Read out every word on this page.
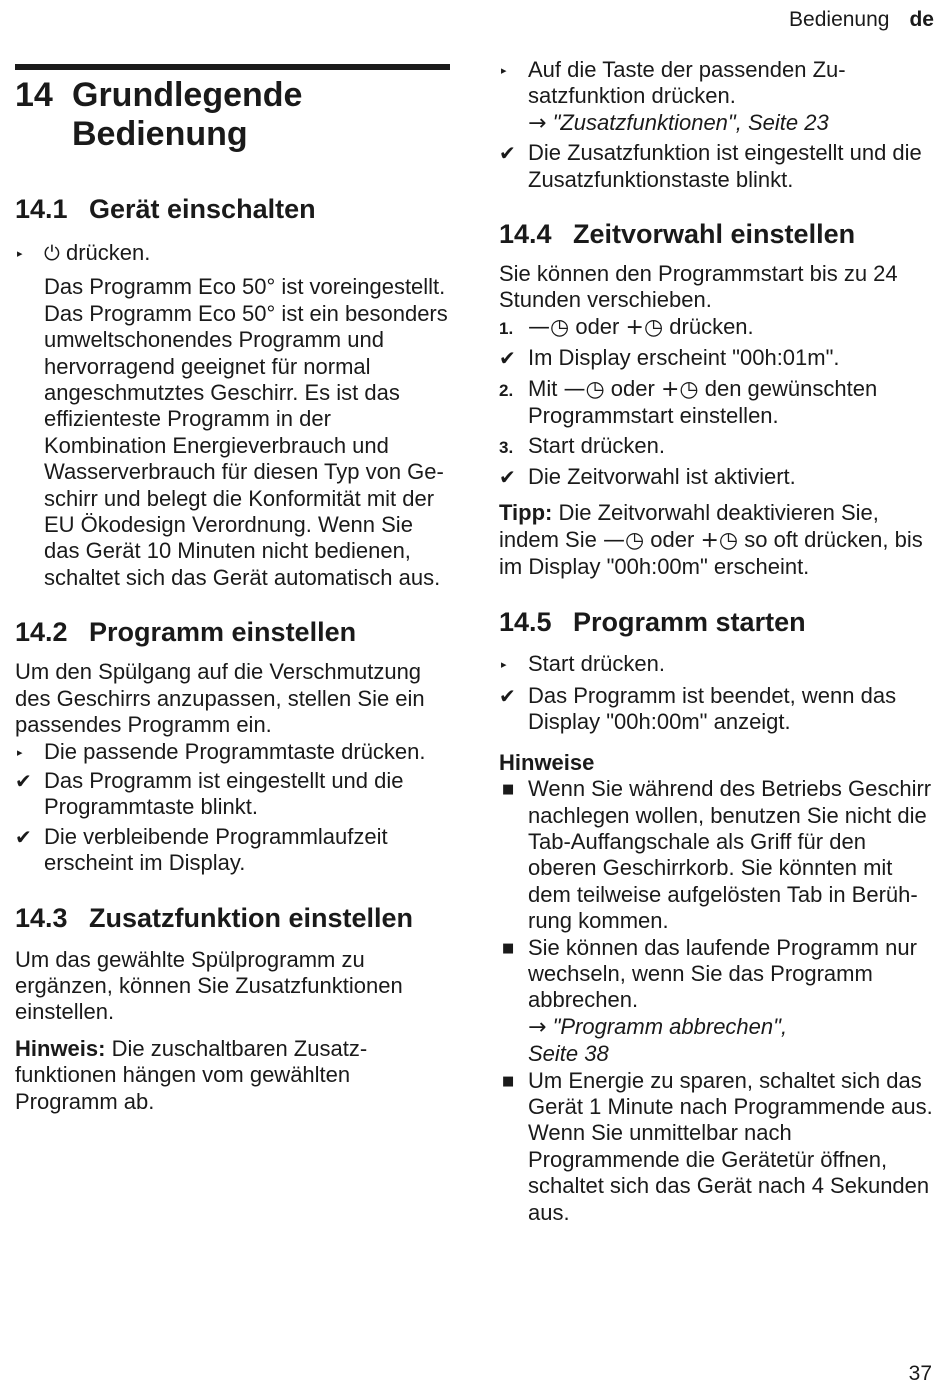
Bedienung de
14 Grundlegende
Bedienung
14.1 Gerät einschalten
▸	⏻ drücken.

Das Programm Eco 50° ist voreingestellt.

Das Programm Eco 50° ist ein besonders umweltschonendes Programm und hervorragend geeignet für normal angeschmutztes Geschirr. Es ist das effizienteste Programm in der Kombination Energieverbrauch und Wasserverbrauch für diesen Typ von Geschirr und belegt die Konformität mit der EU Ökodesign Verordnung. Wenn Sie das Gerät 10 Minuten nicht bedienen, schaltet sich das Gerät automatisch aus.

14.2 Programm einstellen

Um den Spülgang auf die Verschmutzung des Geschirrs anzupassen, stellen Sie ein passendes Programm ein.

▸ Die passende Programmtaste drücken.
✔ Das Programm ist eingestellt und die Programmtaste blinkt.
✔ Die verbleibende Programmlaufzeit erscheint im Display.
14.3 Zusatzfunktion einstellen

Um das gewählte Spülprogramm zu ergänzen, können Sie Zusatzfunktionen einstellen.

Hinweis: Die zuschaltbaren Zusatzfunktionen hängen vom gewählten Programm ab.

▸ Auf die Taste der passenden Zusatzfunktion drücken.
→ "Zusatzfunktionen", Seite 23
✔ Die Zusatzfunktion ist eingestellt und die Zusatzfunktionstaste blinkt.
14.4 Zeitvorwahl einstellen

Sie können den Programmstart bis zu 24 Stunden verschieben.

1. —◷ oder +◷ drücken.
✔ Im Display erscheint "00h:01m".
2. Mit —◷ oder +◷ den gewünschten Programmstart einstellen.
3. Start drücken.
✔ Die Zeitvorwahl ist aktiviert.

Tipp: Die Zeitvorwahl deaktivieren Sie, indem Sie —◷ oder +◷ so oft drücken, bis im Display "00h:00m" erscheint.

14.5 Programm starten
▸ Start drücken.
✔ Das Programm ist beendet, wenn das Display "00h:00m" anzeigt.

Hinweise

■ Wenn Sie während des Betriebs Geschirr nachlegen wollen, benutzen Sie nicht die Tab-Auffangschale als Griff für den oberen Geschirrkorb. Sie könnten mit dem teilweise aufgelösten Tab in Berührung kommen.
■ Sie können das laufende Programm nur wechseln, wenn Sie das Programm abbrechen.
→ "Programm abbrechen",
Seite 38
■ Um Energie zu sparen, schaltet sich das Gerät 1 Minute nach Programmende aus. Wenn Sie unmittelbar nach Programmende die Gerätetür öffnen, schaltet sich das Gerät nach 4 Sekunden aus.
37
